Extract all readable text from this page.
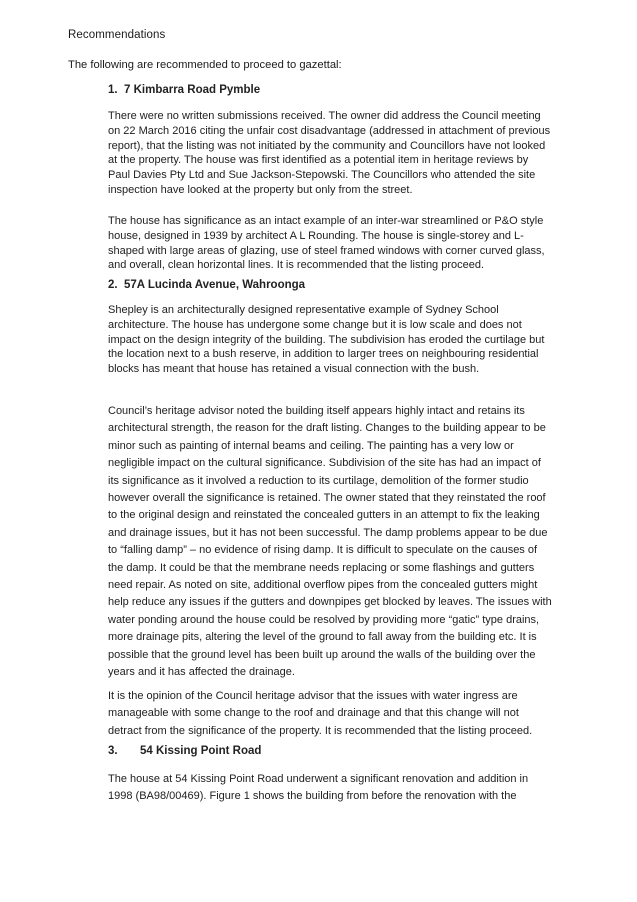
Recommendations
The following are recommended to proceed to gazettal:
1. 7 Kimbarra Road Pymble

There were no written submissions received. The owner did address the Council meeting
on 22 March 2016 citing the unfair cost disadvantage (addressed in attachment of previous
report), that the listing was not initiated by the community and Councillors have not looked
at the property. The house was first identified as a potential item in heritage reviews by
Paul Davies Pty Ltd and Sue Jackson-Stepowski. The Councillors who attended the site
inspection have looked at the property but only from the street.

The house has significance as an intact example of an inter-war streamlined or P&O style
house, designed in 1939 by architect A L Rounding. The house is single-storey and L-
shaped with large areas of glazing, use of steel framed windows with corner curved glass,
and overall, clean horizontal lines. It is recommended that the listing proceed.

2. 57A Lucinda Avenue, Wahroonga

Shepley is an architecturally designed representative example of Sydney School
architecture. The house has undergone some change but it is low scale and does not
impact on the design integrity of the building. The subdivision has eroded the curtilage but
the location next to a bush reserve, in addition to larger trees on neighbouring residential
blocks has meant that house has retained a visual connection with the bush.

Council’s heritage advisor noted the building itself appears highly intact and retains its
architectural strength, the reason for the draft listing. Changes to the building appear to be
minor such as painting of internal beams and ceiling. The painting has a very low or
negligible impact on the cultural significance. Subdivision of the site has had an impact of
its significance as it involved a reduction to its curtilage, demolition of the former studio
however overall the significance is retained. The owner stated that they reinstated the roof
to the original design and reinstated the concealed gutters in an attempt to fix the leaking
and drainage issues, but it has not been successful. The damp problems appear to be due
to “falling damp” – no evidence of rising damp. It is difficult to speculate on the causes of
the damp. It could be that the membrane needs replacing or some flashings and gutters
need repair. As noted on site, additional overflow pipes from the concealed gutters might
help reduce any issues if the gutters and downpipes get blocked by leaves. The issues with
water ponding around the house could be resolved by providing more “gatic” type drains,
more drainage pits, altering the level of the ground to fall away from the building etc. It is
possible that the ground level has been built up around the walls of the building over the
years and it has affected the drainage.

It is the opinion of the Council heritage advisor that the issues with water ingress are
manageable with some change to the roof and drainage and that this change will not
detract from the significance of the property. It is recommended that the listing proceed.

3.	54 Kissing Point Road

The house at 54 Kissing Point Road underwent a significant renovation and addition in
1998 (BA98/00469). Figure 1 shows the building from before the renovation with the
